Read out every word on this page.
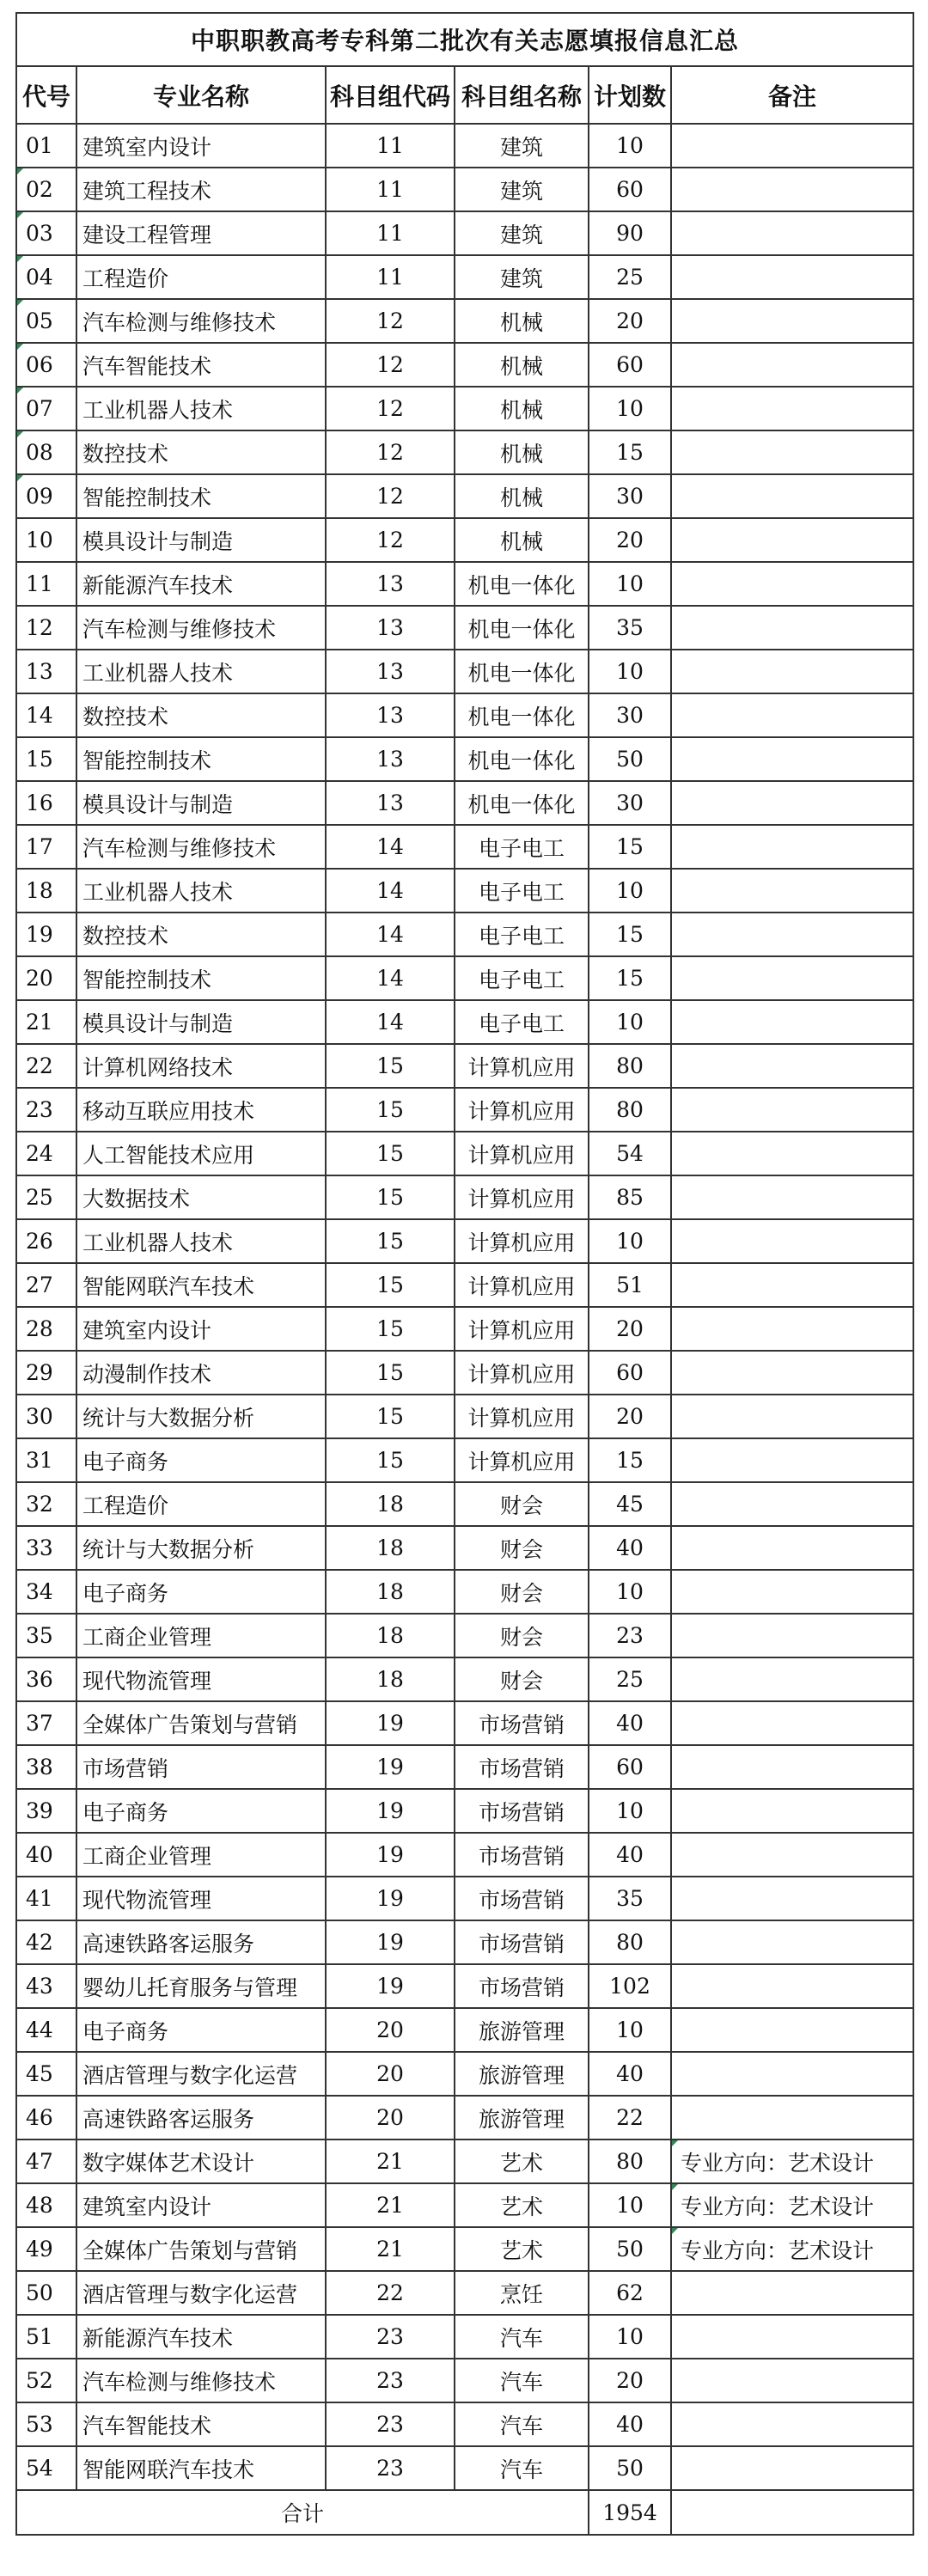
中职职教高考专科第二批次有关志愿填报信息汇总					
代号	专业名称	科目组代码	科目组名称	计划数	备注
01	建筑室内设计	11	建筑	10	

02	建筑工程技术	11	建筑	60	

03	建设工程管理	11	建筑	90	

04	工程造价	11	建筑	25	

05	汽车检测与维修技术	12	机械	20	

06	汽车智能技术	12	机械	60	

07	工业机器人技术	12	机械	10	

08	数控技术	12	机械	15	

09	智能控制技术	12	机械	30	
10	模具设计与制造	12	机械	20	
11	新能源汽车技术	13	机电一体化	10	
12	汽车检测与维修技术	13	机电一体化	35	
13	工业机器人技术	13	机电一体化	10	
14	数控技术	13	机电一体化	30	
15	智能控制技术	13	机电一体化	50	
16	模具设计与制造	13	机电一体化	30	
17	汽车检测与维修技术	14	电子电工	15	
18	工业机器人技术	14	电子电工	10	
19	数控技术	14	电子电工	15	
20	智能控制技术	14	电子电工	15	
21	模具设计与制造	14	电子电工	10	
22	计算机网络技术	15	计算机应用	80	
23	移动互联应用技术	15	计算机应用	80	
24	人工智能技术应用	15	计算机应用	54	
25	大数据技术	15	计算机应用	85	
26	工业机器人技术	15	计算机应用	10	
27	智能网联汽车技术	15	计算机应用	51	
28	建筑室内设计	15	计算机应用	20	
29	动漫制作技术	15	计算机应用	60	
30	统计与大数据分析	15	计算机应用	20	
31	电子商务	15	计算机应用	15	
32	工程造价	18	财会	45	
33	统计与大数据分析	18	财会	40	
34	电子商务	18	财会	10	
35	工商企业管理	18	财会	23	
36	现代物流管理	18	财会	25	
37	全媒体广告策划与营销	19	市场营销	40	
38	市场营销	19	市场营销	60	
39	电子商务	19	市场营销	10	
40	工商企业管理	19	市场营销	40	
41	现代物流管理	19	市场营销	35	
42	高速铁路客运服务	19	市场营销	80	
43	婴幼儿托育服务与管理	19	市场营销	102	
44	电子商务	20	旅游管理	10	
45	酒店管理与数字化运营	20	旅游管理	40	
46	高速铁路客运服务	20	旅游管理	22	
47	数字媒体艺术设计	21	艺术	80	专业方向：艺术设计
48	建筑室内设计	21	艺术	10	专业方向：艺术设计
49	全媒体广告策划与营销	21	艺术	50	专业方向：艺术设计
50	酒店管理与数字化运营	22	烹饪	62	
51	新能源汽车技术	23	汽车	10	
52	汽车检测与维修技术	23	汽车	20	
53	汽车智能技术	23	汽车	40	
54	智能网联汽车技术	23	汽车	50	
合计				1954	
